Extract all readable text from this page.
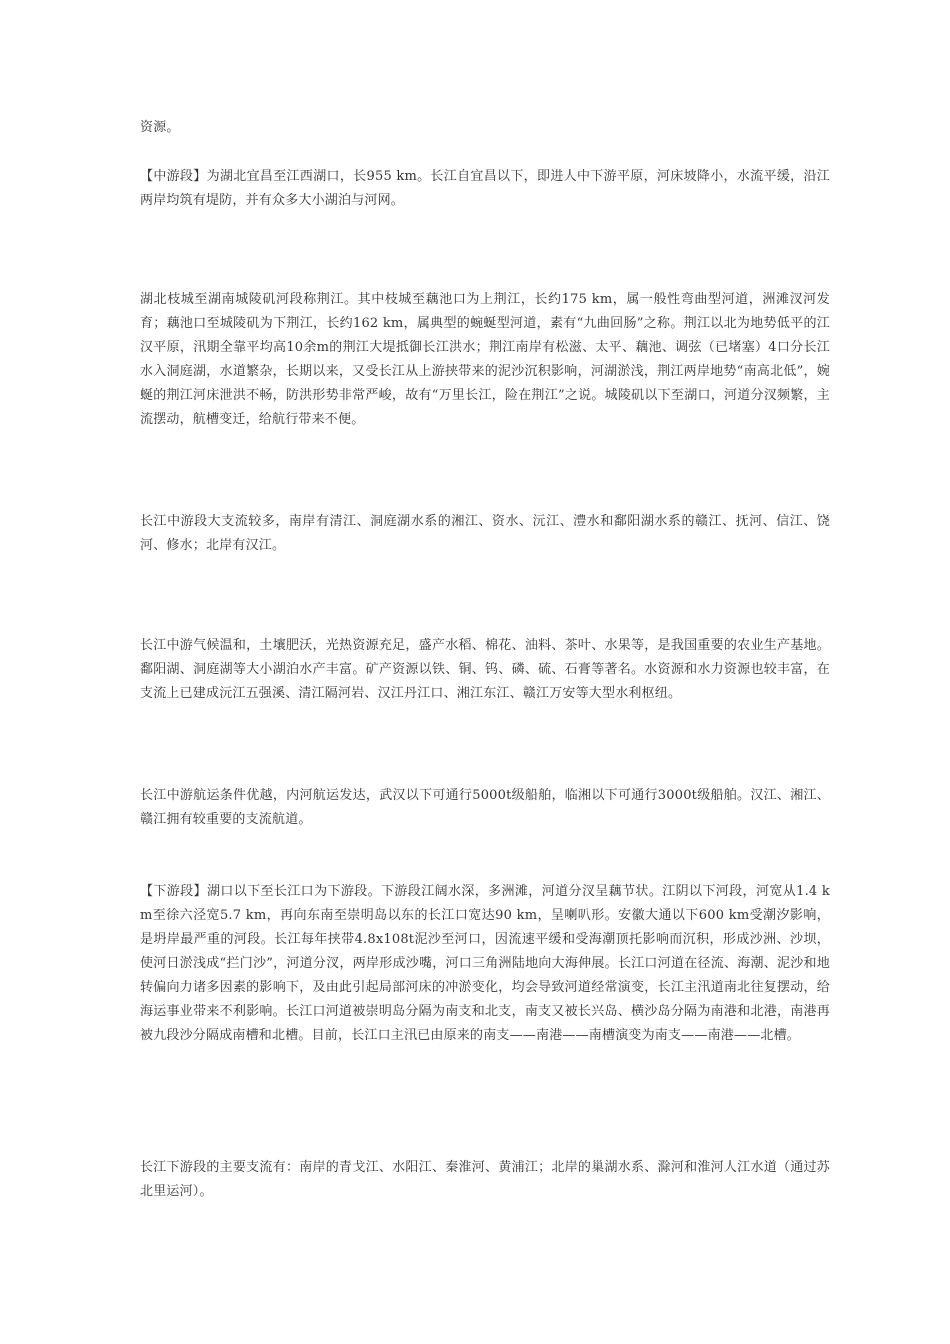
资源。

【中游段】为湖北宜昌至江西湖口，长955 km。长江自宜昌以下，即进人中下游平原，河床坡降小，水流平缓，沿江两岸均筑有堤防，并有众多大小湖泊与河网。

湖北枝城至湖南城陵矶河段称荆江。其中枝城至藕池口为上荆江，长约175 km，属一般性弯曲型河道，洲滩汊河发育；藕池口至城陵矶为下荆江，长约162 km，属典型的蜿蜒型河道，素有“九曲回肠”之称。荆江以北为地势低平的江汉平原，汛期全靠平均高10余m的荆江大堤抵御长江洪水；荆江南岸有松滋、太平、藕池、调弦（已堵塞）4口分长江水入洞庭湖，水道繁杂，长期以来，又受长江从上游挟带来的泥沙沉积影响，河湖淤浅，荆江两岸地势“南高北低”，婉蜒的荆江河床泄洪不畅，防洪形势非常严峻，故有“万里长江，险在荆江”之说。城陵矶以下至湖口，河道分汊频繁，主流摆动，航槽变迁，给航行带来不便。

长江中游段大支流较多，南岸有清江、洞庭湖水系的湘江、资水、沅江、澧水和鄱阳湖水系的赣江、抚河、信江、饶河、修水；北岸有汉江。

长江中游气候温和，土壤肥沃，光热资源充足，盛产水稻、棉花、油料、茶叶、水果等，是我国重要的农业生产基地。鄱阳湖、洞庭湖等大小湖泊水产丰富。矿产资源以铁、铜、钨、磷、硫、石膏等著名。水资源和水力资源也较丰富，在支流上已建成沅江五强溪、清江隔河岩、汉江丹江口、湘江东江、赣江万安等大型水利枢纽。

长江中游航运条件优越，内河航运发达，武汉以下可通行5000t级船舶，临湘以下可通行3000t级船舶。汉江、湘江、赣江拥有较重要的支流航道。

【下游段】湖口以下至长江口为下游段。下游段江阔水深，多洲滩，河道分汊呈藕节状。江阴以下河段，河宽从1.4 km至徐六泾宽5.7 km，再向东南至崇明岛以东的长江口宽达90 km，呈喇叭形。安徽大通以下600 km受潮汐影响，是坍岸最严重的河段。长江每年挟带4.8x108t泥沙至河口，因流速平缓和受海潮顶托影响而沉积，形成沙洲、沙坝，使河日淤浅成“拦门沙”，河道分汊，两岸形成沙嘴，河口三角洲陆地向大海伸展。长江口河道在径流、海潮、泥沙和地转偏向力诸多因素的影响下，及由此引起局部河床的冲淤变化，均会导致河道经常演变，长江主汛道南北往复摆动，给海运事业带来不利影响。长江口河道被崇明岛分隔为南支和北支，南支又被长兴岛、横沙岛分隔为南港和北港，南港再被九段沙分隔成南槽和北槽。目前，长江口主汛已由原来的南支——南港——南槽演变为南支——南港——北槽。

长江下游段的主要支流有：南岸的青戈江、水阳江、秦淮河、黄浦江；北岸的巢湖水系、滁河和淮河人江水道（通过苏北里运河）。
